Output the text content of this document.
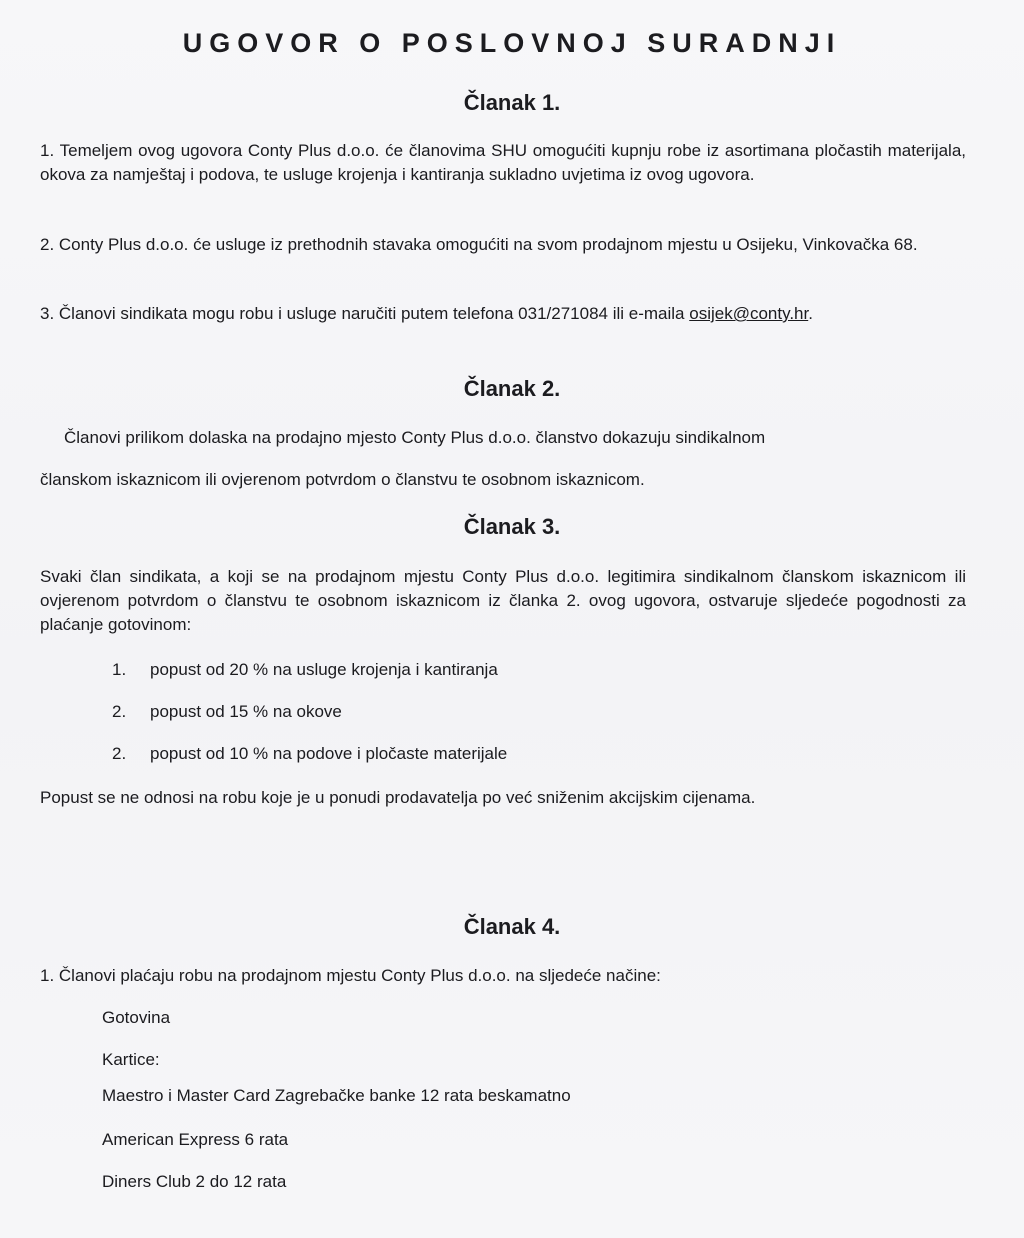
UGOVOR O POSLOVNOJ SURADNJI
Članak 1.

1. Temeljem ovog ugovora Conty Plus d.o.o. će članovima SHU omogućiti kupnju robe iz asortimana pločastih materijala, okova za namještaj i podova, te usluge krojenja i kantiranja sukladno uvjetima iz ovog ugovora.

2. Conty Plus d.o.o. će usluge iz prethodnih stavaka omogućiti na svom prodajnom mjestu u Osijeku, Vinkovačka 68.

3. Članovi sindikata mogu robu i usluge naručiti putem telefona 031/271084 ili e-maila osijek@conty.hr.

Članak 2.

Članovi prilikom dolaska na prodajno mjesto Conty Plus d.o.o. članstvo dokazuju sindikalnom

članskom iskaznicom ili ovjerenom potvrdom o članstvu te osobnom iskaznicom.

Članak 3.

Svaki član sindikata, a koji se na prodajnom mjestu Conty Plus d.o.o. legitimira sindikalnom članskom iskaznicom ili ovjerenom potvrdom o članstvu te osobnom iskaznicom iz članka 2. ovog ugovora, ostvaruje sljedeće pogodnosti za plaćanje gotovinom:

1. popust od 20 % na usluge krojenja i kantiranja
2. popust od 15 % na okove
2. popust od 10 % na podove i pločaste materijale

Popust se ne odnosi na robu koje je u ponudi prodavatelja po već sniženim akcijskim cijenama.

Članak 4.

1. Članovi plaćaju robu na prodajnom mjestu Conty Plus d.o.o. na sljedeće načine:

Gotovina
Kartice:
Maestro i Master Card Zagrebačke banke 12 rata beskamatno
American Express 6 rata
Diners Club 2 do 12 rata
